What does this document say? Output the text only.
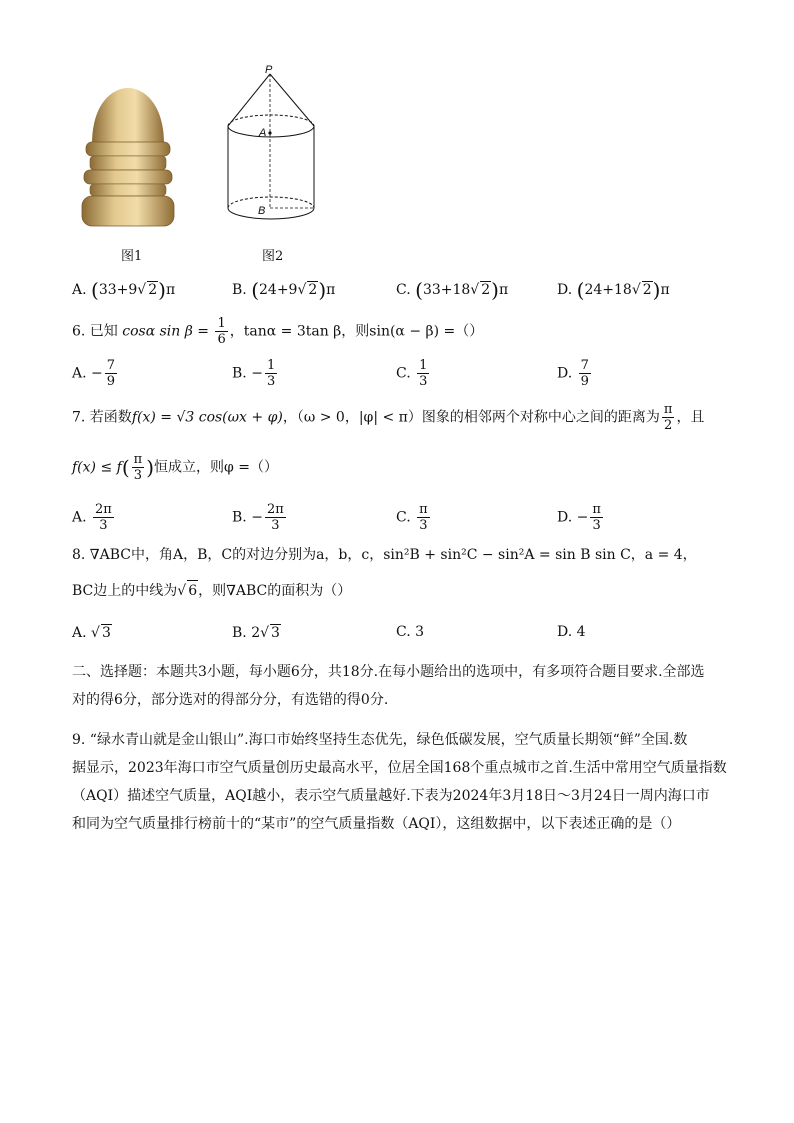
P
A
B
图1	图2
A. (33+9√ 2)π	B. (24+9√ 2)π	C. (33+18√ 2)π	D. (24+18√ 2)π
6. 已知 cosα $\sin \beta = \frac{1}{6}$ ，tanα = 3tan β，则sin(α − β) =（）
A. − $\frac{7}{9}$	B. − $\frac{1}{3}$	C. $\frac{1}{3}$	D. $\frac{7}{9}$
7. 若函数f(x) = √3 cos(ωx + φ)，（ω > 0，|φ| < π）图象的相邻两个对称中心之间的距离为 $\frac{\pi}{2}$ ，且
$f(x) \le f( \frac{\pi}{3}$ )恒成立，则φ =（）
A. $\frac{2\pi}{3}$	B. − $\frac{2\pi}{3}$	C. $\frac{\pi}{3}$	D. − $\frac{\pi}{3}$
8. ∇ABC中，角A，B，C的对边分别为a，b，c，sin²B + sin²C − sin²A = sin B sin C，a = 4，
BC边上的中线为√ 6，则∇ABC的面积为（）
A. √ 3	B. 2√ 3	C. 3	D. 4
二、选择题：本题共3小题，每小题6分，共18分.在每小题给出的选项中，有多项符合题目要求.全部选
对的得6分，部分选对的得部分分，有选错的得0分.
9. “绿水青山就是金山银山”.海口市始终坚持生态优先，绿色低碳发展，空气质量长期领“鲜”全国.数
据显示，2023年海口市空气质量创历史最高水平，位居全国168个重点城市之首.生活中常用空气质量指数
（AQI）描述空气质量，AQI越小，表示空气质量越好.下表为2024年3月18日～3月24日一周内海口市
和同为空气质量排行榜前十的“某市”的空气质量指数（AQI），这组数据中，以下表述正确的是（）
